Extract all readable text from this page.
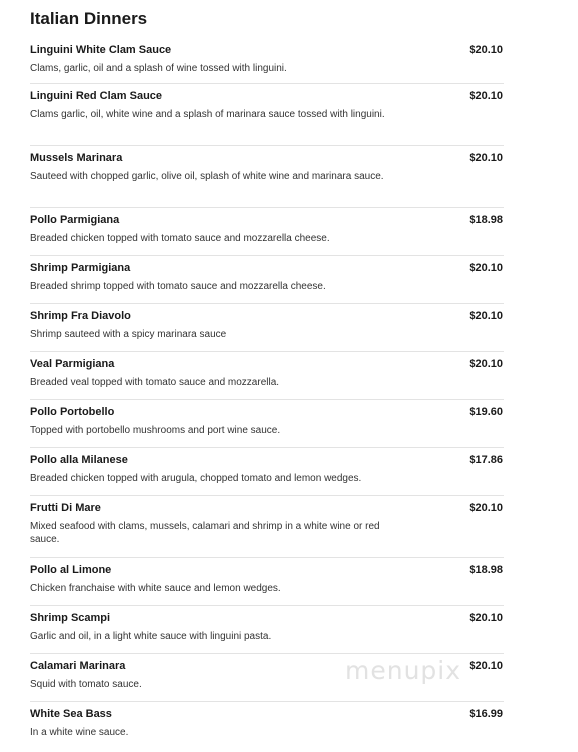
Italian Dinners
Linguini White Clam Sauce	$20.10
Clams, garlic, oil and a splash of wine tossed with linguini.
Linguini Red Clam Sauce	$20.10
Clams garlic, oil, white wine and a splash of marinara sauce tossed with linguini.
Mussels Marinara	$20.10
Sauteed with chopped garlic, olive oil, splash of white wine and marinara sauce.
Pollo Parmigiana	$18.98
Breaded chicken topped with tomato sauce and mozzarella cheese.
Shrimp Parmigiana	$20.10
Breaded shrimp topped with tomato sauce and mozzarella cheese.
Shrimp Fra Diavolo	$20.10
Shrimp sauteed with a spicy marinara sauce
Veal Parmigiana	$20.10
Breaded veal topped with tomato sauce and mozzarella.
Pollo Portobello	$19.60
Topped with portobello mushrooms and port wine sauce.
Pollo alla Milanese	$17.86
Breaded chicken topped with arugula, chopped tomato and lemon wedges.
Frutti Di Mare	$20.10
Mixed seafood with clams, mussels, calamari and shrimp in a white wine or red sauce.
Pollo al Limone	$18.98
Chicken franchaise with white sauce and lemon wedges.
Shrimp Scampi	$20.10
Garlic and oil, in a light white sauce with linguini pasta.
Calamari Marinara	$20.10
Squid with tomato sauce.
White Sea Bass	$16.99
In a white wine sauce.
menupix
